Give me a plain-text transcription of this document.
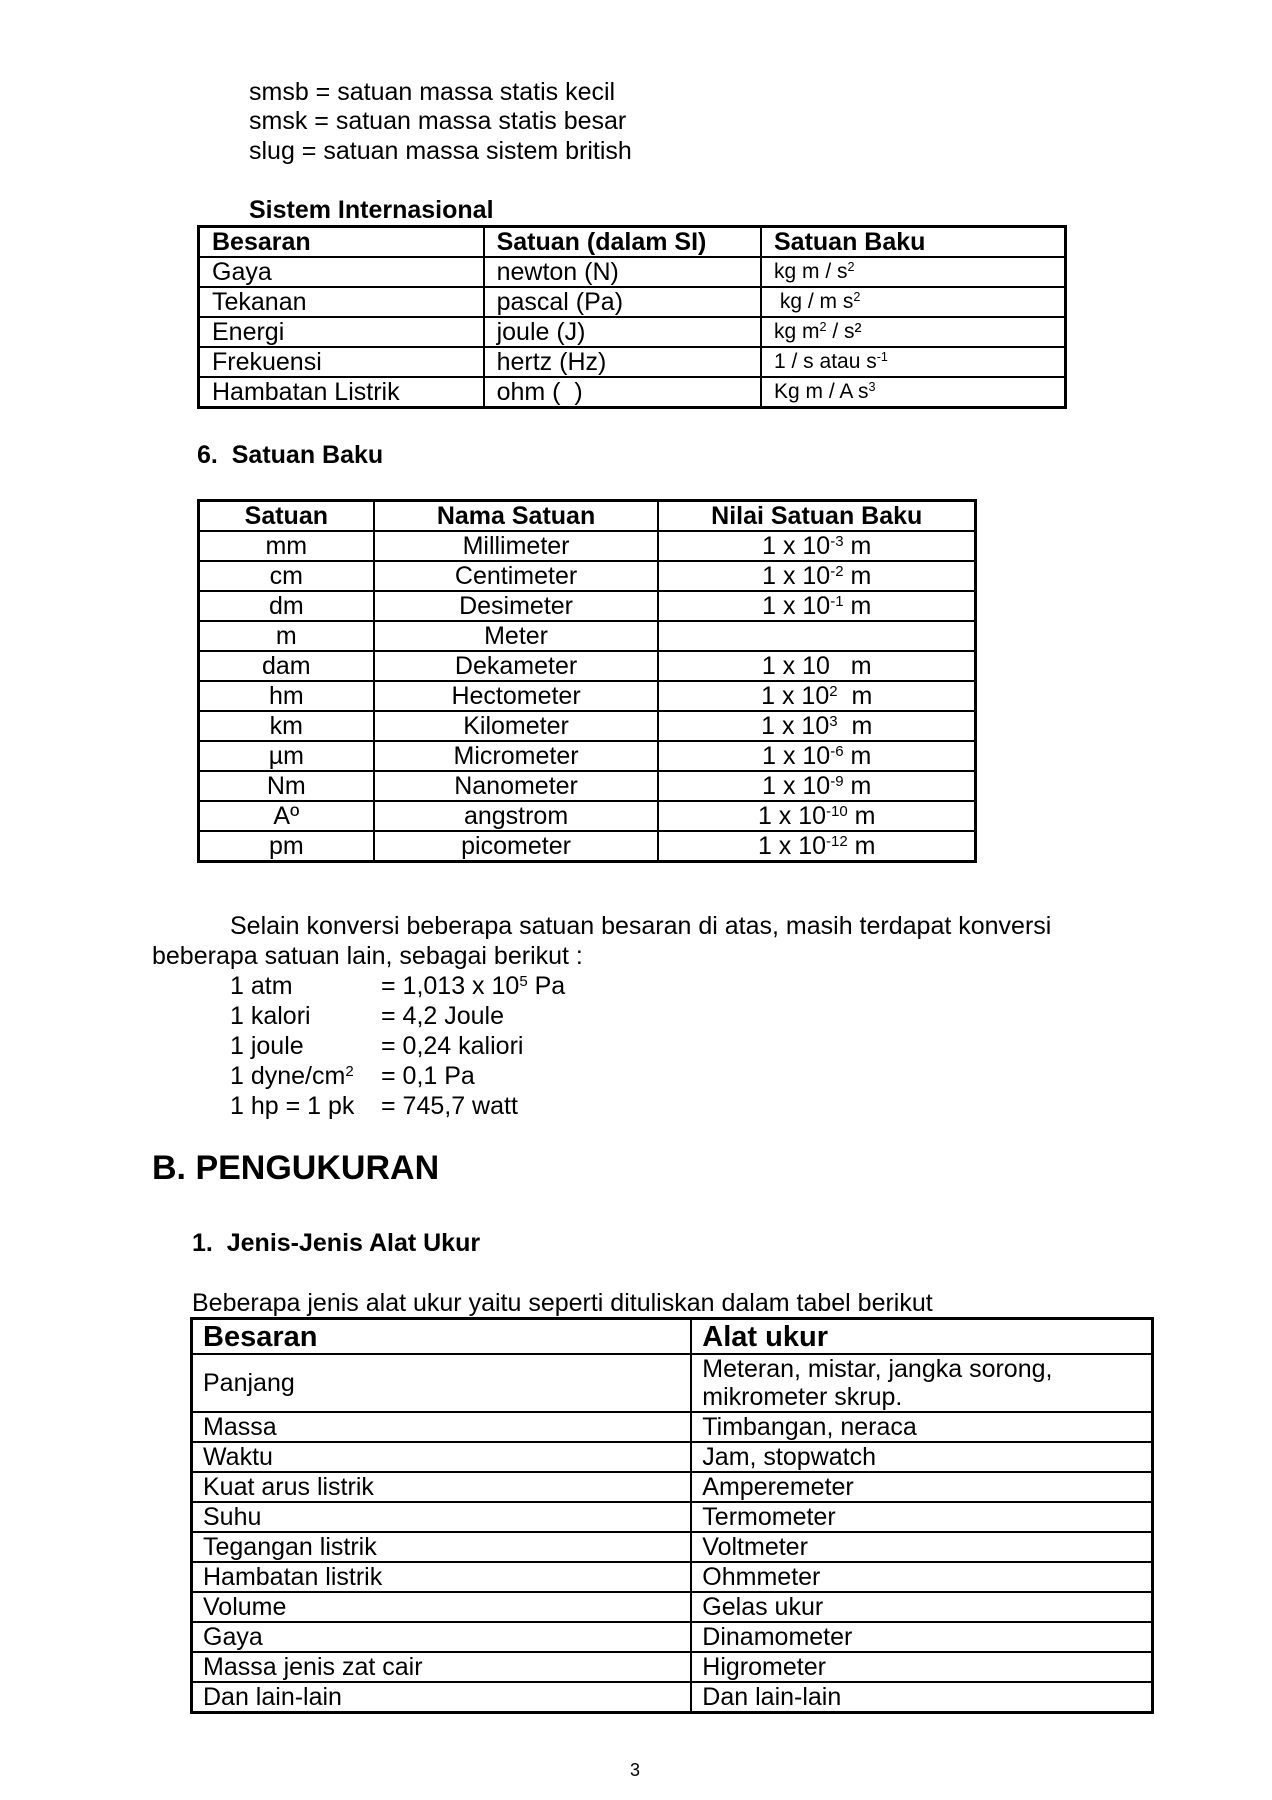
smsb = satuan massa statis kecil
smsk = satuan massa statis besar
slug = satuan massa sistem british
Sistem Internasional
Besaran	Satuan (dalam SI)	Satuan Baku
Gaya	newton (N)	kg m / $s^2$
Tekanan	pascal (Pa)	kg / m $s^2$
Energi	joule (J)	kg $m^2 / s^2$
Frekuensi	hertz (Hz)	1 / s atau $s^{-1}$
Hambatan Listrik	ohm (  )	Kg m / A $s^3$
6.  Satuan Baku
Satuan	Nama Satuan	Nilai Satuan Baku
mm	Millimeter	1 x $10^{-3}$ m
cm	Centimeter	1 x $10^{-2}$ m
dm	Desimeter	1 x $10^{-1}$ m
m	Meter	
dam	Dekameter	1 x 10   m
hm	Hectometer	1 x $10^2$  m
km	Kilometer	1 x $10^3$  m
µm	Micrometer	1 x $10^{-6}$ m
Nm	Nanometer	1 x $10^{-9}$ m
Aº	angstrom	1 x $10^{-10}$ m
pm	picometer	1 x $10^{-12}$ m
Selain konversi beberapa satuan besaran di atas, masih terdapat konversi
beberapa satuan lain, sebagai berikut :
1 atm	= 1,013 x $10^5$ Pa
1 kalori	= 4,2 Joule
1 joule	= 0,24 kaliori
1 dyne/$cm^2 = 0,1$ Pa
1 hp = 1 pk = 745,7 watt
B. PENGUKURAN
1.  Jenis-Jenis Alat Ukur
Beberapa jenis alat ukur yaitu seperti dituliskan dalam tabel berikut
Besaran	Alat ukur
Panjang	Meteran, mistar, jangka sorong,
mikrometer skrup.

Massa	Timbangan, neraca

Waktu	Jam, stopwatch

Kuat arus listrik	Amperemeter

Suhu	Termometer

Tegangan listrik	Voltmeter

Hambatan listrik	Ohmmeter

Volume	Gelas ukur

Gaya	Dinamometer

Massa jenis zat cair	Higrometer

Dan lain-lain	Dan lain-lain
3
